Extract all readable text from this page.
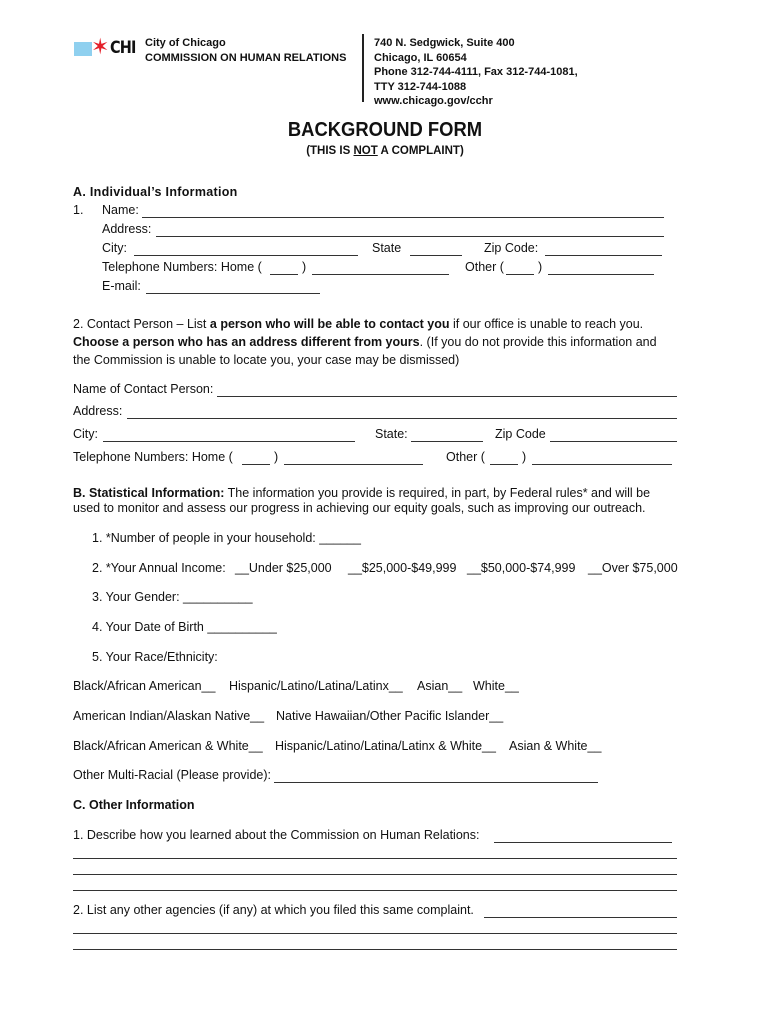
✶ CHI City of Chicago
COMMISSION ON HUMAN RELATIONS
740 N. Sedgwick, Suite 400
Chicago, IL 60654
Phone 312-744-4111, Fax 312-744-1081,
TTY 312-744-1088
www.chicago.gov/cchr
BACKGROUND FORM
(THIS IS NOT A COMPLAINT)
A. Individual’s Information
1. Name:
Address:
City:	State	Zip Code:
Telephone Numbers: Home (	)	Other (	)
E-mail:
2. Contact Person – List a person who will be able to contact you if our office is unable to reach you.
Choose a person who has an address different from yours. (If you do not provide this information and
the Commission is unable to locate you, your case may be dismissed)
Name of Contact Person:
Address:
City:	State:	Zip Code
Telephone Numbers: Home (	)	Other (	)
B. Statistical Information: The information you provide is required, in part, by Federal rules* and will be
used to monitor and assess our progress in achieving our equity goals, such as improving our outreach.
1. *Number of people in your household: ______
2. *Your Annual Income: __Under $25,000 __$25,000-$49,999 __$50,000-$74,999 __Over $75,000
3. Your Gender: __________
4. Your Date of Birth __________
5. Your Race/Ethnicity:
Black/African American__ Hispanic/Latino/Latina/Latinx__ Asian__ White__
American Indian/Alaskan Native__ Native Hawaiian/Other Pacific Islander__
Black/African American & White__ Hispanic/Latino/Latina/Latinx & White__ Asian & White__
Other Multi-Racial (Please provide):
C. Other Information
1. Describe how you learned about the Commission on Human Relations:
2. List any other agencies (if any) at which you filed this same complaint.
